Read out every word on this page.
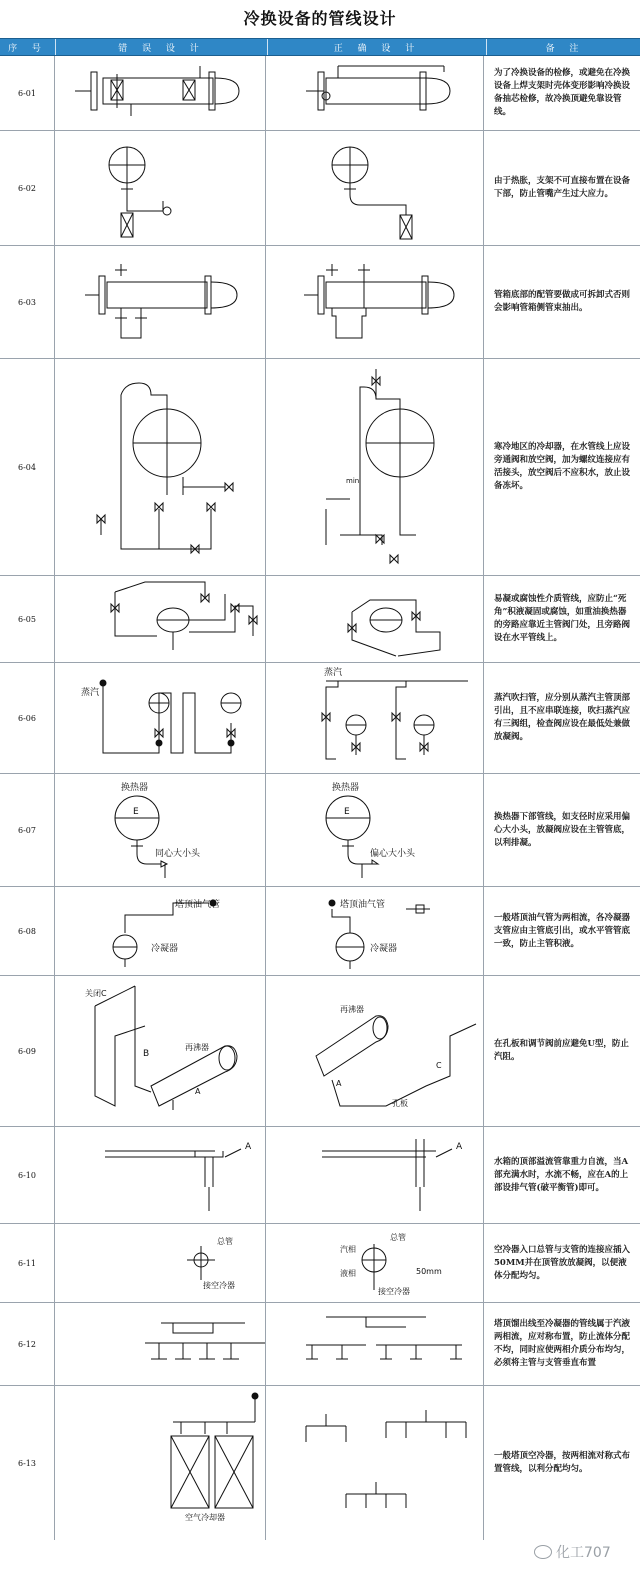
冷换设备的管线设计
序 号	错 误 设 计	正 确 设 计	备 注
6-01
为了冷换设备的检修，或避免在冷换设备上焊支架时壳体变形影响冷换设备抽芯检修，故冷换顶避免靠设管线。
6-02
由于热胀，支架不可直接布置在设备下部，防止管嘴产生过大应力。
6-03
管箱底部的配管要做成可拆卸式否则会影响管箱侧管束抽出。
6-04
min
寒冷地区的冷却器，在水管线上应设旁通阀和放空阀，加为螺纹连接应有活接头，放空阀后不应积水，放止设备冻坏。
6-05
易凝或腐蚀性介质管线，应防止“死角”积液凝固或腐蚀，如重油换热器的旁路应靠近主管阀门处，且旁路阀设在水平管线上。
6-06
蒸汽
蒸汽
蒸汽吹扫管，应分别从蒸汽主管顶部引出，且不应串联连接，吹扫蒸汽应有三阀组，检查阀应设在最低处兼做放凝阀。
6-07
换热器
E
同心大小头
换热器
E
偏心大小头
换热器下部管线，如支径时应采用偏心大小头，放凝阀应设在主管管底，以利排凝。
6-08
塔顶油气管
冷凝器
塔顶油气管
冷凝器
一般塔顶油气管为两相流，各冷凝器支管应由主管底引出，或水平管管底一致，防止主管积液。
6-09
关闭C
B
再沸器
A
再沸器
A
C
孔板
在孔板和调节阀前应避免U型，防止汽阻。
6-10
A	A
水箱的顶部溢流管靠重力自流，当A部充满水时，水流不畅，应在A的上部设排气管(破平衡管)即可。
6-11
总管
接空冷器
汽相
液相
总管
接空冷器
50mm
空冷器入口总管与支管的连接应插入50MM并在顶管放放凝阀，以便液体分配均匀。
6-12
塔顶馏出线至冷凝器的管线属于汽液两相流，应对称布置，防止流体分配不均，同时应使两相介质分布均匀，必须将主管与支管垂直布置
6-13
空气冷却器
一般塔顶空冷器，按两相流对称式布置管线，以利分配均匀。
化工707
